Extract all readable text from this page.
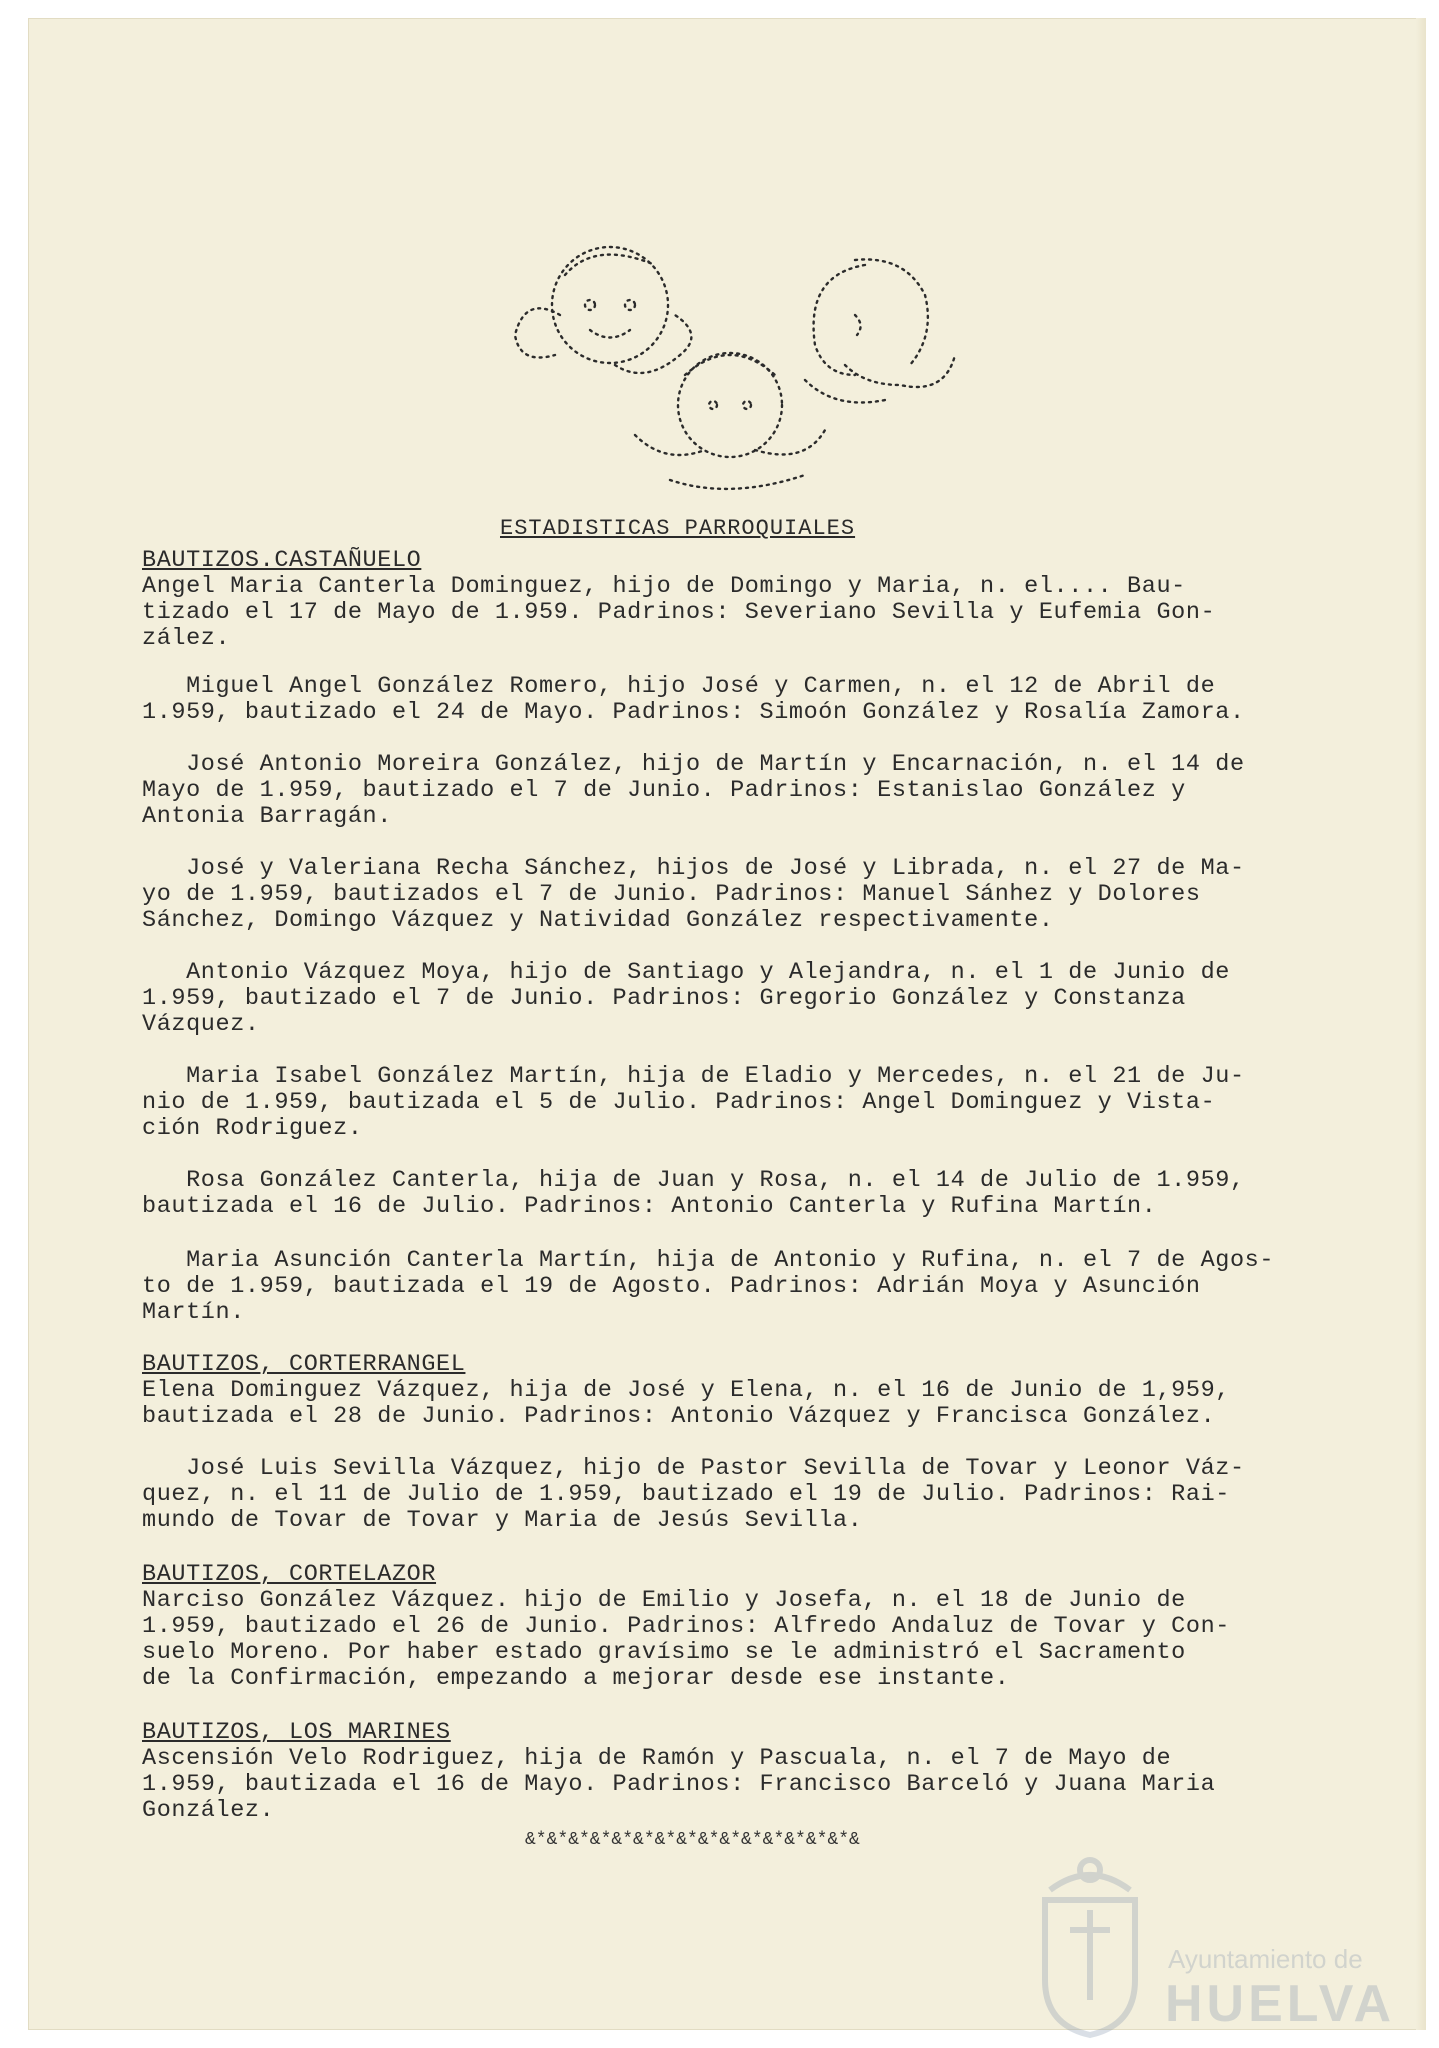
ESTADISTICAS PARROQUIALES
BAUTIZOS.CASTAÑUELO
Angel Maria Canterla Dominguez, hijo de Domingo y Maria, n. el.... Bau-
tizado el 17 de Mayo de 1.959. Padrinos: Severiano Sevilla y Eufemia Gon-
zález.
Miguel Angel González Romero, hijo José y Carmen, n. el 12 de Abril de
1.959, bautizado el 24 de Mayo. Padrinos: Simoón González y Rosalía Zamora.
José Antonio Moreira González, hijo de Martín y Encarnación, n. el 14 de
Mayo de 1.959, bautizado el 7 de Junio. Padrinos: Estanislao González y
Antonia Barragán.
José y Valeriana Recha Sánchez, hijos de José y Librada, n. el 27 de Ma-
yo de 1.959, bautizados el 7 de Junio. Padrinos: Manuel Sánhez y Dolores
Sánchez, Domingo Vázquez y Natividad González respectivamente.
Antonio Vázquez Moya, hijo de Santiago y Alejandra, n. el 1 de Junio de
1.959, bautizado el 7 de Junio. Padrinos: Gregorio González y Constanza
Vázquez.
Maria Isabel González Martín, hija de Eladio y Mercedes, n. el 21 de Ju-
nio de 1.959, bautizada el 5 de Julio. Padrinos: Angel Dominguez y Vista-
ción Rodriguez.
Rosa González Canterla, hija de Juan y Rosa, n. el 14 de Julio de 1.959,
bautizada el 16 de Julio. Padrinos: Antonio Canterla y Rufina Martín.
Maria Asunción Canterla Martín, hija de Antonio y Rufina, n. el 7 de Agos-
to de 1.959, bautizada el 19 de Agosto. Padrinos: Adrián Moya y Asunción
Martín.
BAUTIZOS, CORTERRANGEL
Elena Dominguez Vázquez, hija de José y Elena, n. el 16 de Junio de 1,959,
bautizada el 28 de Junio. Padrinos: Antonio Vázquez y Francisca González.
José Luis Sevilla Vázquez, hijo de Pastor Sevilla de Tovar y Leonor Váz-
quez, n. el 11 de Julio de 1.959, bautizado el 19 de Julio. Padrinos: Rai-
mundo de Tovar de Tovar y Maria de Jesús Sevilla.
BAUTIZOS, CORTELAZOR
Narciso González Vázquez. hijo de Emilio y Josefa, n. el 18 de Junio de
1.959, bautizado el 26 de Junio. Padrinos: Alfredo Andaluz de Tovar y Con-
suelo Moreno. Por haber estado gravísimo se le administró el Sacramento
de la Confirmación, empezando a mejorar desde ese instante.
BAUTIZOS, LOS MARINES
Ascensión Velo Rodriguez, hija de Ramón y Pascuala, n. el 7 de Mayo de
1.959, bautizada el 16 de Mayo. Padrinos: Francisco Barceló y Juana Maria
González.
&*&*&*&*&*&*&*&*&*&*&*&*&*&*&*&
Ayuntamiento de
HUELVA
